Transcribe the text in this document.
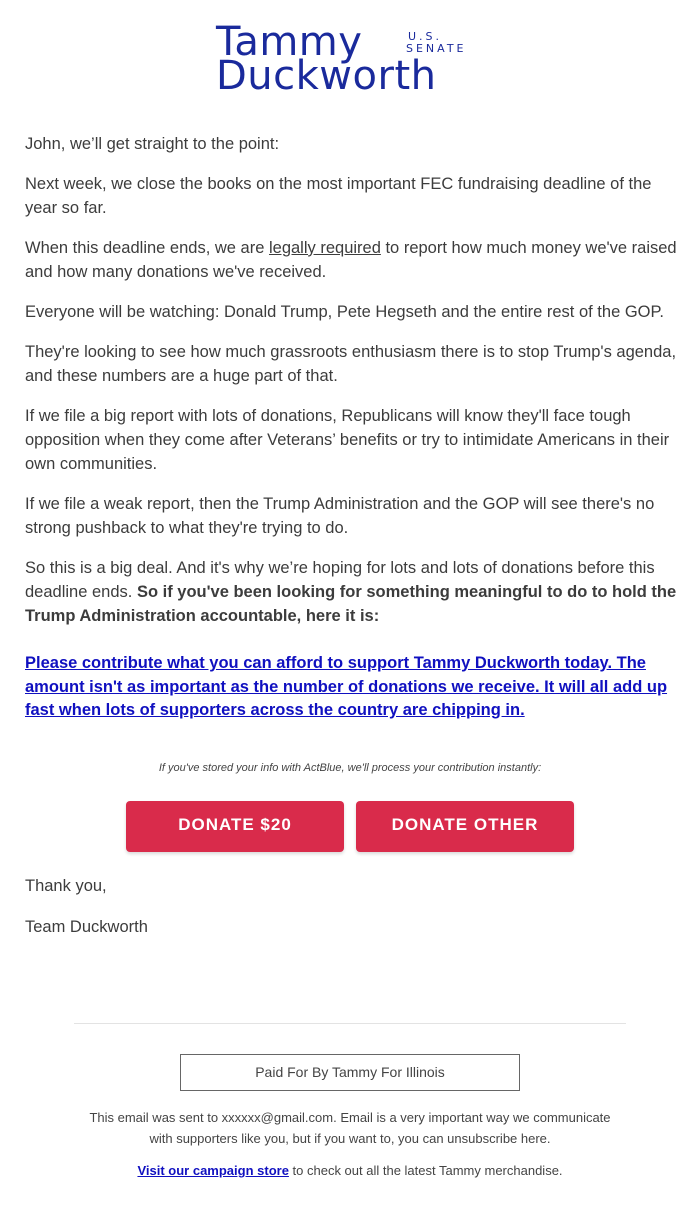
Tammy	U.S.
SENATE
Duckworth

John, we’ll get straight to the point:

Next week, we close the books on the most important FEC fundraising deadline of the year so far.

When this deadline ends, we are legally required to report how much money we've raised and how many donations we've received.

Everyone will be watching: Donald Trump, Pete Hegseth and the entire rest of the GOP.

They're looking to see how much grassroots enthusiasm there is to stop Trump's agenda, and these numbers are a huge part of that.

If we file a big report with lots of donations, Republicans will know they'll face tough opposition when they come after Veterans’ benefits or try to intimidate Americans in their own communities.

If we file a weak report, then the Trump Administration and the GOP will see there's no strong pushback to what they're trying to do.

So this is a big deal. And it's why we’re hoping for lots and lots of donations before this deadline ends. So if you've been looking for something meaningful to do to hold the Trump Administration accountable, here it is:

Please contribute what you can afford to support Tammy Duckworth today. The amount isn't as important as the number of donations we receive. It will all add up fast when lots of supporters across the country are chipping in.
If you've stored your info with ActBlue, we'll process your contribution instantly:
DONATE $20	DONATE OTHER
Thank you,
Team Duckworth
Paid For By Tammy For Illinois
This email was sent to xxxxxx@gmail.com. Email is a very important way we communicate with supporters like you, but if you want to, you can unsubscribe here.
Visit our campaign store to check out all the latest Tammy merchandise.
